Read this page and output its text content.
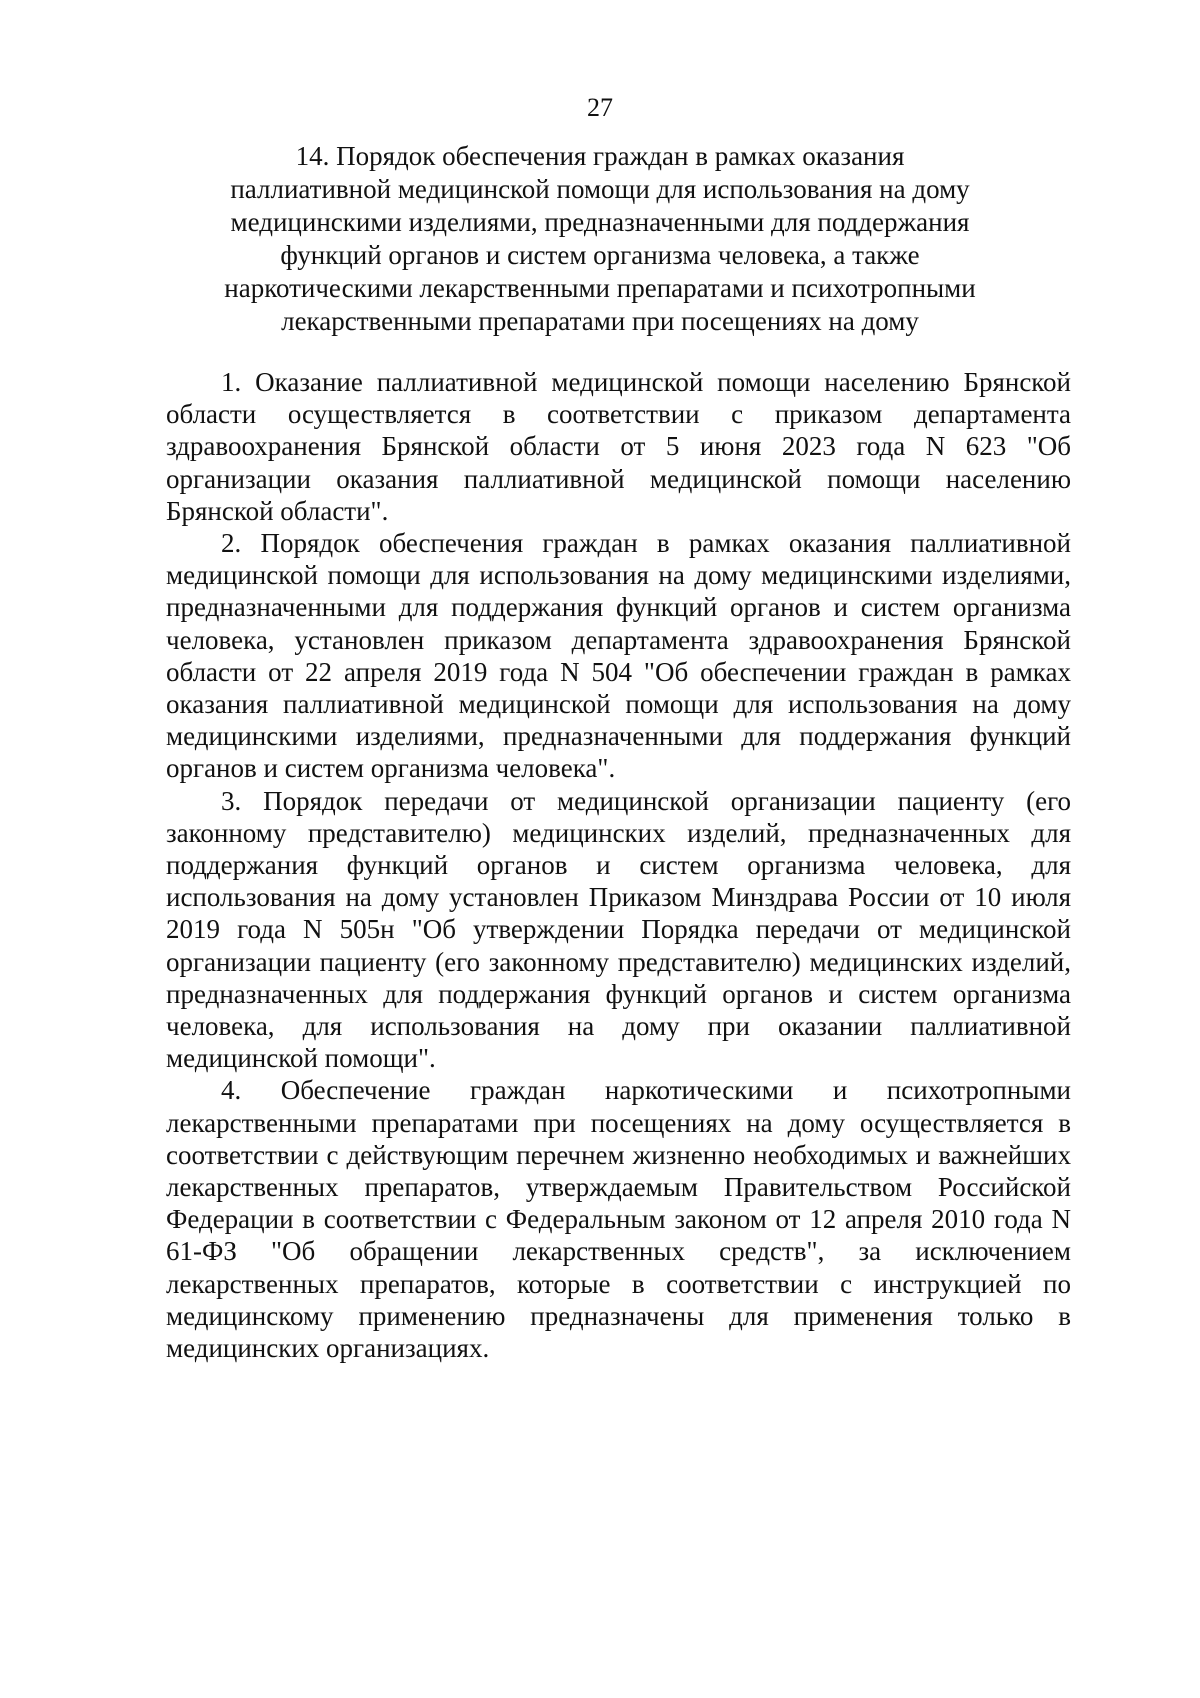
27
14. Порядок обеспечения граждан в рамках оказания
паллиативной медицинской помощи для использования на дому
медицинскими изделиями, предназначенными для поддержания
функций органов и систем организма человека, а также
наркотическими лекарственными препаратами и психотропными
лекарственными препаратами при посещениях на дому

1. Оказание паллиативной медицинской помощи населению Брянской области осуществляется в соответствии с приказом департамента здравоохранения Брянской области от 5 июня 2023 года N 623 "Об организации оказания паллиативной медицинской помощи населению Брянской области".

2. Порядок обеспечения граждан в рамках оказания паллиативной медицинской помощи для использования на дому медицинскими изделиями, предназначенными для поддержания функций органов и систем организма человека, установлен приказом департамента здравоохранения Брянской области от 22 апреля 2019 года N 504 "Об обеспечении граждан в рамках оказания паллиативной медицинской помощи для использования на дому медицинскими изделиями, предназначенными для поддержания функций органов и систем организма человека".

3. Порядок передачи от медицинской организации пациенту (его законному представителю) медицинских изделий, предназначенных для поддержания функций органов и систем организма человека, для использования на дому установлен Приказом Минздрава России от 10 июля 2019 года N 505н "Об утверждении Порядка передачи от медицинской организации пациенту (его законному представителю) медицинских изделий, предназначенных для поддержания функций органов и систем организма человека, для использования на дому при оказании паллиативной медицинской помощи".

4. Обеспечение граждан наркотическими и психотропными лекарственными препаратами при посещениях на дому осуществляется в соответствии с действующим перечнем жизненно необходимых и важнейших лекарственных препаратов, утверждаемым Правительством Российской Федерации в соответствии с Федеральным законом от 12 апреля 2010 года N 61-ФЗ "Об обращении лекарственных средств", за исключением лекарственных препаратов, которые в соответствии с инструкцией по медицинскому применению предназначены для применения только в медицинских организациях.
